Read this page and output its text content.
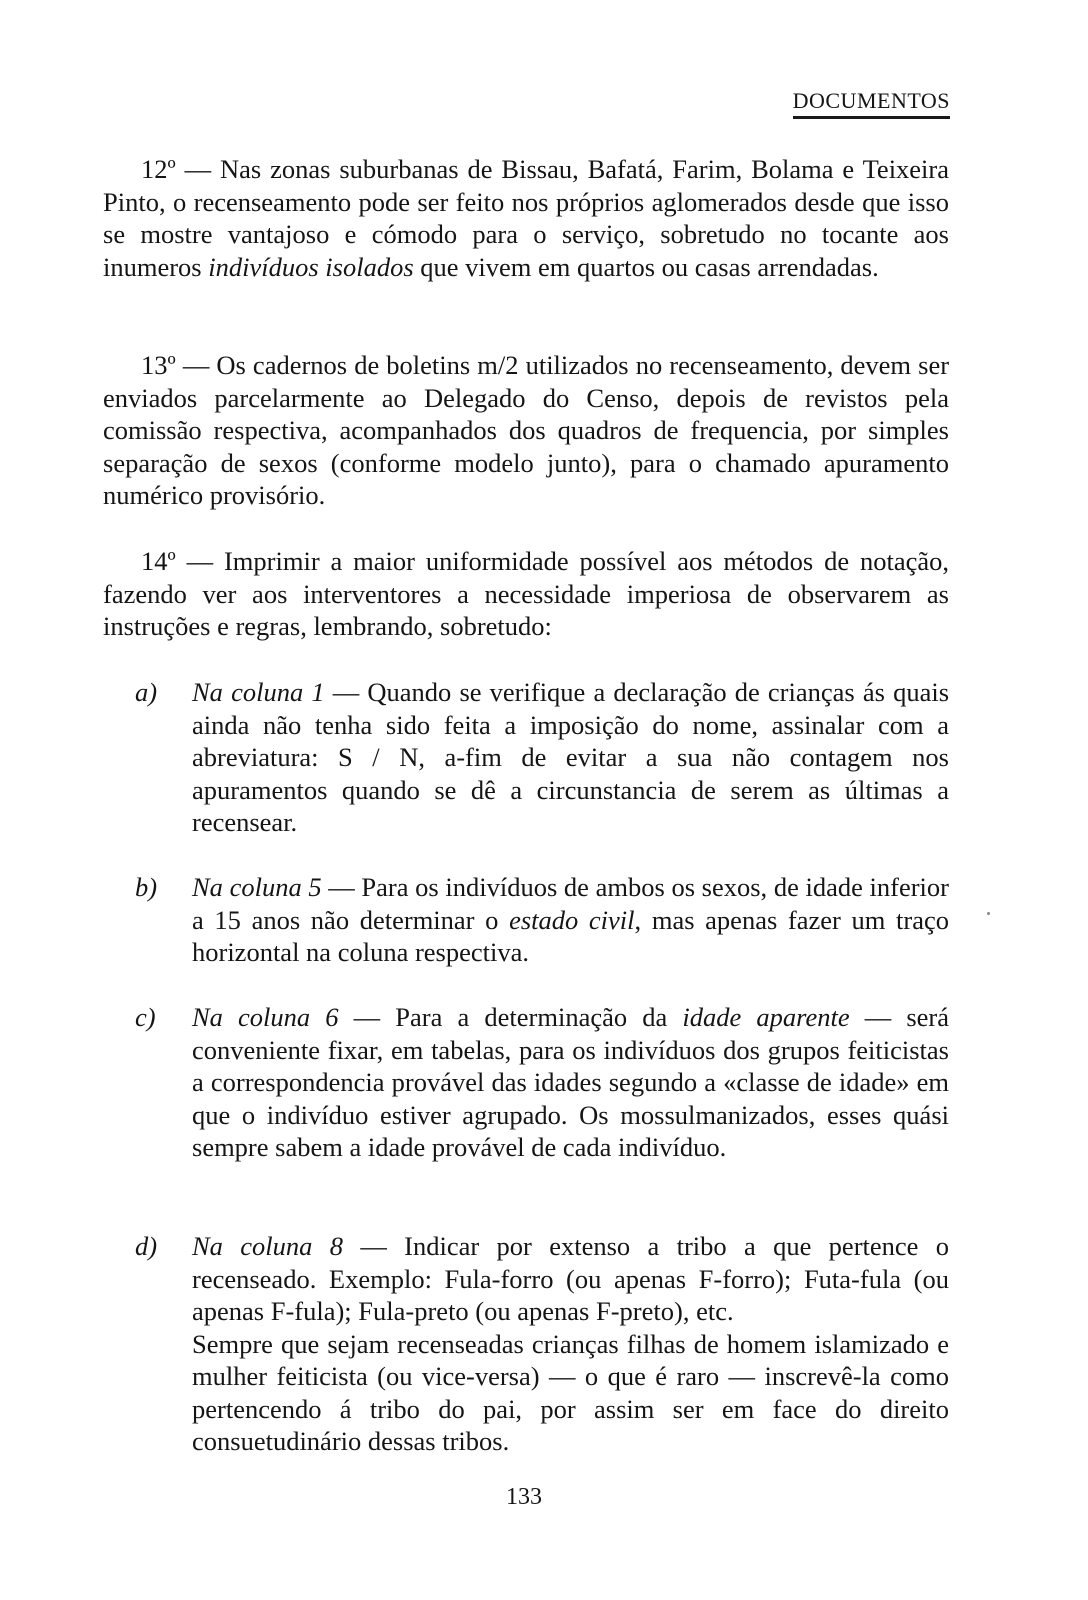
DOCUMENTOS

12º — Nas zonas suburbanas de Bissau, Bafatá, Farim, Bolama e Teixeira Pinto, o recenseamento pode ser feito nos próprios aglomerados desde que isso se mostre vantajoso e cómodo para o serviço, sobretudo no tocante aos inumeros indivíduos isolados que vivem em quartos ou casas arrendadas.

13º — Os cadernos de boletins m/2 utilizados no recenseamento, devem ser enviados parcelarmente ao Delegado do Censo, depois de revistos pela comissão respectiva, acompanhados dos quadros de frequencia, por simples separação de sexos (conforme modelo junto), para o chamado apuramento numérico provisório.

14º — Imprimir a maior uniformidade possível aos métodos de notação, fazendo ver aos interventores a necessidade imperiosa de observarem as instruções e regras, lembrando, sobretudo:

a) Na coluna 1 — Quando se verifique a declaração de crianças ás quais ainda não tenha sido feita a imposição do nome, assinalar com a abreviatura: S / N, a-fim de evitar a sua não contagem nos apuramentos quando se dê a circunstancia de serem as últimas a recensear.
b) Na coluna 5 — Para os indivíduos de ambos os sexos, de idade inferior a 15 anos não determinar o estado civil, mas apenas fazer um traço horizontal na coluna respectiva.
c) Na coluna 6 — Para a determinação da idade aparente — será conveniente fixar, em tabelas, para os indivíduos dos grupos feiticistas a correspondencia provável das idades segundo a «classe de idade» em que o indivíduo estiver agrupado. Os mossulmanizados, esses quási sempre sabem a idade provável de cada indivíduo.
d) Na coluna 8 — Indicar por extenso a tribo a que pertence o recenseado. Exemplo: Fula-forro (ou apenas F-forro); Futa-fula (ou apenas F-fula); Fula-preto (ou apenas F-preto), etc.
Sempre que sejam recenseadas crianças filhas de homem islamizado e mulher feiticista (ou vice-versa) — o que é raro — inscrevê-la como pertencendo á tribo do pai, por assim ser em face do direito consuetudinário dessas tribos.
133
